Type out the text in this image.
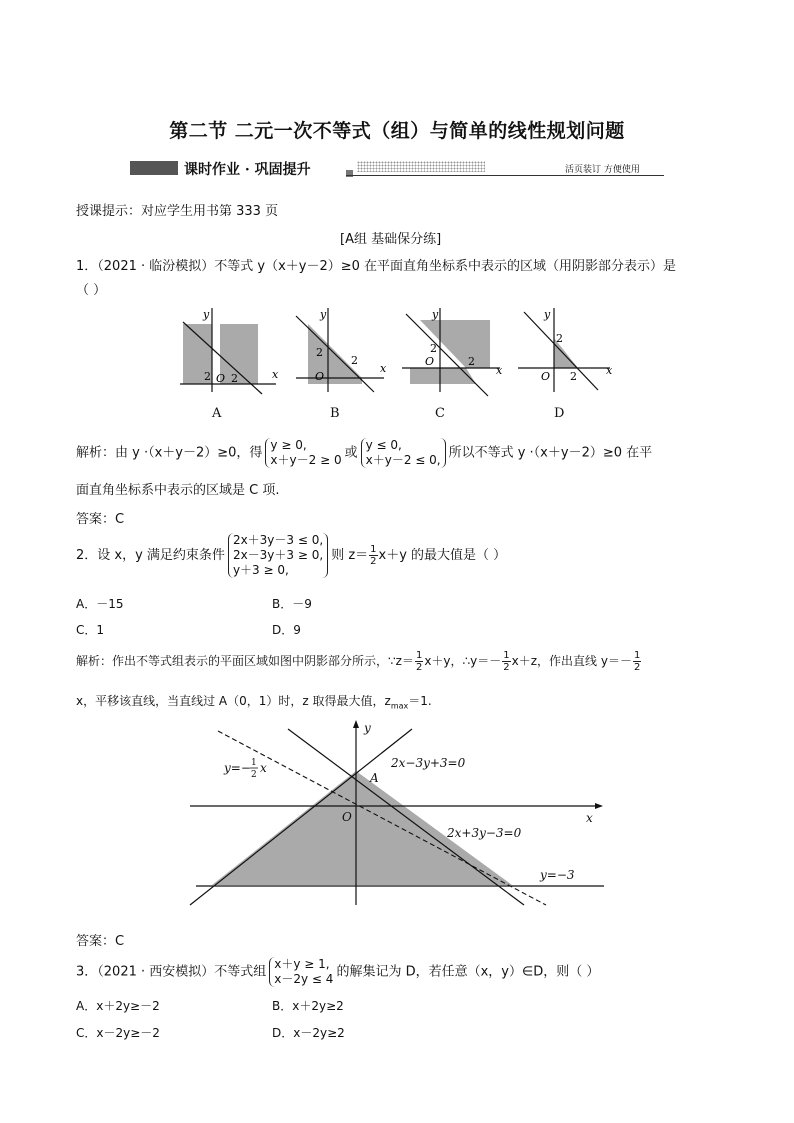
第二节 二元一次不等式（组）与简单的线性规划问题
课时作业 · 巩固提升	活页装订 方便使用
授课提示：对应学生用书第 333 页
[A组 基础保分练]
1．（2021 · 临汾模拟）不等式 y（x＋y－2）≥0 在平面直角坐标系中表示的区域（用阴影部分表示）是
（ ）
y
x
2 O 2
y
x
2
O
2
y
x
2
O	2
y
x
2
O 2
A	B	C	D
解析：由 y ·（x＋y－2）≥0，得y ≥ 0,
x＋y－2 ≥ 0 或y ≤ 0,
x＋y－2 ≤ 0, 所以不等式 y ·（x＋y－2）≥0 在平
面直角坐标系中表示的区域是 C 项.
答案：C
2．设 x，y 满足约束条件2x＋3y－3 ≤ 0,
2x－3y＋3 ≥ 0,
y＋3 ≥ 0,则 $z= \frac{1}{2} x+y$ 的最大值是（ ）
A．－15	B．－9
C．1	D．9
解析：作出不等式组表示的平面区域如图中阴影部分所示，∵z＝ $\frac{1}{2} x+y$，∴y＝－ $\frac{1}{2} x+z$，作出直线 $y=- \frac{1}{2}$
x，平移该直线，当直线过 A（0，1）时，z 取得最大值，$z_{max}=1$.
y
x
O
A
2x−3y+3=0
2x+3y−3=0
y=−3
y=− 1
2 x
答案：C
3．（2021 · 西安模拟）不等式组x＋y ≥ 1,
x－2y ≤ 4 的解集记为 D，若任意（x，y）∈D，则（ ）
A．x＋2y≥－2	B．x＋2y≥2
C．x－2y≥－2	D．x－2y≥2
